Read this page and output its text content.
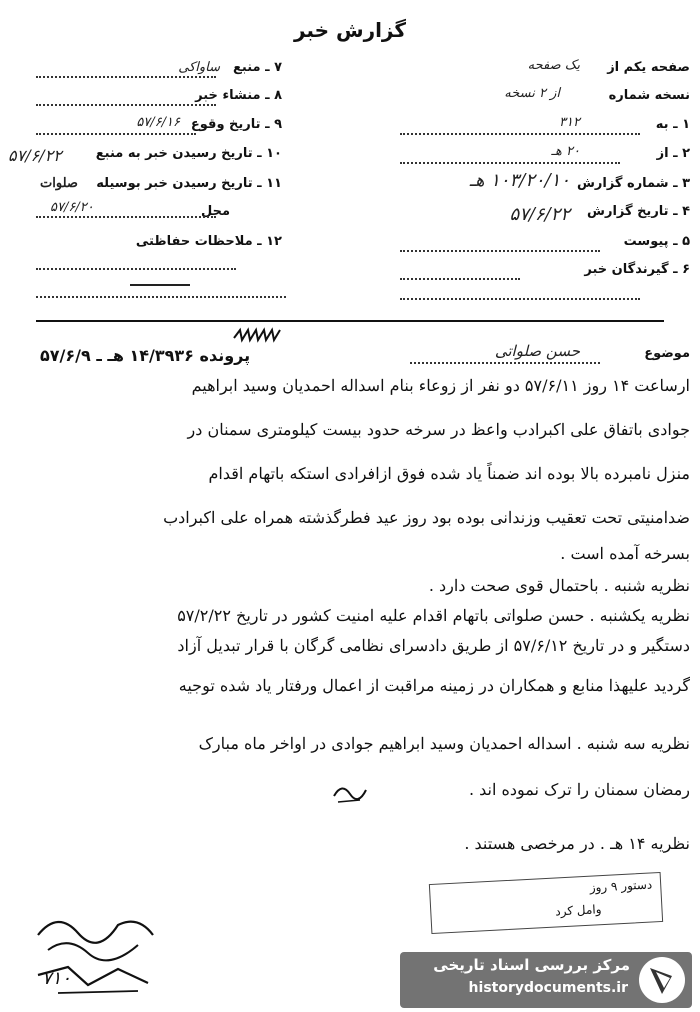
گزارش خبر
۷ ـ منبع
ساواکی
۸ ـ منشاء خبر
۹ ـ تاریخ وقوع
۵۷/۶/۱۶
۱۰ ـ تاریخ رسیدن خبر به منبع
۵۷/۶/۲۲
۱۱ ـ تاریخ رسیدن خبر بوسیله
صلوات
محل
۵۷/۶/۲۰
۱۲ ـ ملاحظات حفاظتی
صفحه یکم از
یک صفحه
نسخه شماره
از ۲ نسخه
۱ ـ به
۳۱۲
۲ ـ از
۲۰ هـ
۳ ـ شماره گزارش
۱۰۳/۲۰/۱۰ هـ
۴ ـ تاریخ گزارش
۵۷/۶/۲۲
۵ ـ پیوست
۶ ـ گیرندگان خبر
موضوع
حسن صلواتی
پرونده ۱۴/۳۹۳۶ هـ ـ ۵۷/۶/۹
ارساعت ۱۴ روز ۵۷/۶/۱۱ دو نفر از زوعاء بنام اسداله احمدیان وسید ابراهیم
جوادی باتفاق علی اکبرادب واعظ در سرخه حدود بیست کیلومتری سمنان در
منزل نامبرده بالا بوده اند ضمناً یاد شده فوق ازافرادی استکه باتهام اقدام
ضدامنیتی تحت تعقیب وزندانی بوده بود روز عید فطرگذشته همراه علی اکبرادب
بسرخه آمده است .
نظریه شنبه . باحتمال قوی صحت دارد .
نظریه یکشنبه . حسن صلواتی باتهام اقدام علیه امنیت کشور در تاریخ ۵۷/۲/۲۲
دستگیر و در تاریخ ۵۷/۶/۱۲ از طریق دادسرای نظامی گرگان با قرار تبدیل آزاد
گردید علیهذا منابع و همکاران در زمینه مراقبت از اعمال ورفتار یاد شده توجیه
نظریه سه شنبه . اسداله احمدیان وسید ابراهیم جوادی در اواخر ماه مبارک
رمضان سمنان را ترک نموده اند .
نظریه ۱۴ هـ . در مرخصی هستند .
۷۱۰
دستور ۹ روز
وامل کرد
مرکز بررسی اسناد تاریخی
historydocuments.ir
